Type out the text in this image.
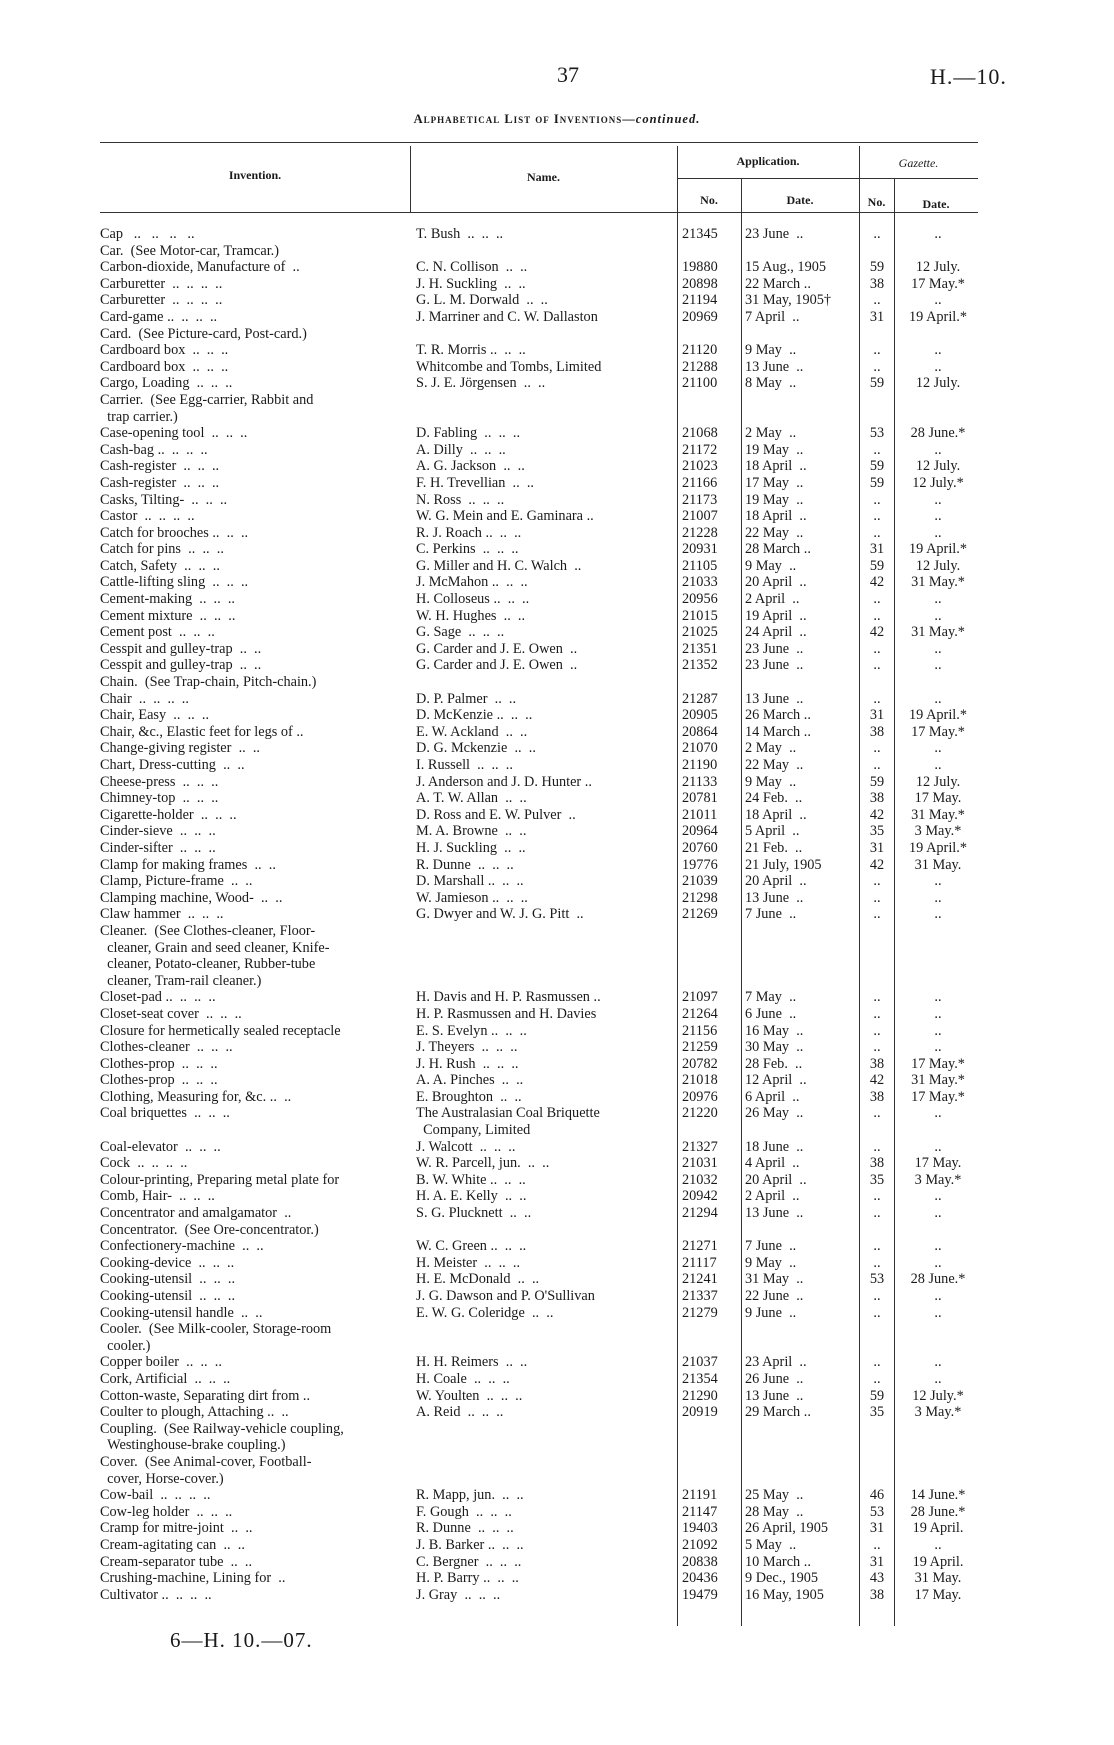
37	H.—10.
Alphabetical List of Inventions—continued.
Invention.	Name.
Application.	Gazette.
No.	Date.	No.	Date.
Cap   ..   ..   ..   ..	T. Bush  ..  ..  ..	21345	23 June  ..	..	..
Car.  (See Motor-car, Tramcar.)
Carbon-dioxide, Manufacture of  ..	C. N. Collison  ..  ..	19880	15 Aug., 1905	59	12 July.
Carburetter  ..  ..  ..  ..	J. H. Suckling  ..  ..	20898	22 March ..	38	17 May.*
Carburetter  ..  ..  ..  ..	G. L. M. Dorwald  ..  ..	21194	31 May, 1905†	..	..
Card-game ..  ..  ..  ..	J. Marriner and C. W. Dallaston	20969	7 April  ..	31	19 April.*
Card.  (See Picture-card, Post-card.)
Cardboard box  ..  ..  ..	T. R. Morris ..  ..  ..	21120	9 May  ..	..	..
Cardboard box  ..  ..  ..	Whitcombe and Tombs, Limited	21288	13 June  ..	..	..
Cargo, Loading  ..  ..  ..	S. J. E. Jörgensen  ..  ..	21100	8 May  ..	59	12 July.
Carrier.  (See Egg-carrier, Rabbit and
trap carrier.)
Case-opening tool  ..  ..  ..	D. Fabling  ..  ..  ..	21068	2 May  ..	53	28 June.*
Cash-bag ..  ..  ..  ..	A. Dilly  ..  ..  ..	21172	19 May  ..	..	..
Cash-register  ..  ..  ..	A. G. Jackson  ..  ..	21023	18 April  ..	59	12 July.
Cash-register  ..  ..  ..	F. H. Trevellian  ..  ..	21166	17 May  ..	59	12 July.*
Casks, Tilting-  ..  ..  ..	N. Ross  ..  ..  ..	21173	19 May  ..	..	..
Castor  ..  ..  ..  ..	W. G. Mein and E. Gaminara ..	21007	18 April  ..	..	..
Catch for brooches ..  ..  ..	R. J. Roach ..  ..  ..	21228	22 May  ..	..	..
Catch for pins  ..  ..  ..	C. Perkins  ..  ..  ..	20931	28 March ..	31	19 April.*
Catch, Safety  ..  ..  ..	G. Miller and H. C. Walch  ..	21105	9 May  ..	59	12 July.
Cattle-lifting sling  ..  ..  ..	J. McMahon ..  ..  ..	21033	20 April  ..	42	31 May.*
Cement-making  ..  ..  ..	H. Colloseus ..  ..  ..	20956	2 April  ..	..	..
Cement mixture  ..  ..  ..	W. H. Hughes  ..  ..	21015	19 April  ..	..	..
Cement post  ..  ..  ..	G. Sage  ..  ..  ..	21025	24 April  ..	42	31 May.*
Cesspit and gulley-trap  ..  ..	G. Carder and J. E. Owen  ..	21351	23 June  ..	..	..
Cesspit and gulley-trap  ..  ..	G. Carder and J. E. Owen  ..	21352	23 June  ..	..	..
Chain.  (See Trap-chain, Pitch-chain.)
Chair  ..  ..  ..  ..	D. P. Palmer  ..  ..	21287	13 June  ..	..	..
Chair, Easy  ..  ..  ..	D. McKenzie ..  ..  ..	20905	26 March ..	31	19 April.*
Chair, &c., Elastic feet for legs of ..	E. W. Ackland  ..  ..	20864	14 March ..	38	17 May.*
Change-giving register  ..  ..	D. G. Mckenzie  ..  ..	21070	2 May  ..	..	..
Chart, Dress-cutting  ..  ..	I. Russell  ..  ..  ..	21190	22 May  ..	..	..
Cheese-press  ..  ..  ..	J. Anderson and J. D. Hunter ..	21133	9 May  ..	59	12 July.
Chimney-top  ..  ..  ..	A. T. W. Allan  ..  ..	20781	24 Feb.  ..	38	17 May.
Cigarette-holder  ..  ..  ..	D. Ross and E. W. Pulver  ..	21011	18 April  ..	42	31 May.*
Cinder-sieve  ..  ..  ..	M. A. Browne  ..  ..	20964	5 April  ..	35	3 May.*
Cinder-sifter  ..  ..  ..	H. J. Suckling  ..  ..	20760	21 Feb.  ..	31	19 April.*
Clamp for making frames  ..  ..	R. Dunne  ..  ..  ..	19776	21 July, 1905	42	31 May.
Clamp, Picture-frame  ..  ..	D. Marshall ..  ..  ..	21039	20 April  ..	..	..
Clamping machine, Wood-  ..  ..	W. Jamieson ..  ..  ..	21298	13 June  ..	..	..
Claw hammer  ..  ..  ..	G. Dwyer and W. J. G. Pitt  ..	21269	7 June  ..	..	..
Cleaner.  (See Clothes-cleaner, Floor-
cleaner, Grain and seed cleaner, Knife-
cleaner, Potato-cleaner, Rubber-tube
cleaner, Tram-rail cleaner.)
Closet-pad ..  ..  ..  ..	H. Davis and H. P. Rasmussen ..	21097	7 May  ..	..	..
Closet-seat cover  ..  ..  ..	H. P. Rasmussen and H. Davies	21264	6 June  ..	..	..
Closure for hermetically sealed receptacle	E. S. Evelyn ..  ..  ..	21156	16 May  ..	..	..
Clothes-cleaner  ..  ..  ..	J. Theyers  ..  ..  ..	21259	30 May  ..	..	..
Clothes-prop  ..  ..  ..	J. H. Rush  ..  ..  ..	20782	28 Feb.  ..	38	17 May.*
Clothes-prop  ..  ..  ..	A. A. Pinches  ..  ..	21018	12 April  ..	42	31 May.*
Clothing, Measuring for, &c. ..  ..	E. Broughton  ..  ..	20976	6 April  ..	38	17 May.*
Coal briquettes  ..  ..  ..	The Australasian Coal Briquette	21220	26 May  ..	..	..
Company, Limited
Coal-elevator  ..  ..  ..	J. Walcott  ..  ..  ..	21327	18 June  ..	..	..
Cock  ..  ..  ..  ..	W. R. Parcell, jun.  ..  ..	21031	4 April  ..	38	17 May.
Colour-printing, Preparing metal plate for	B. W. White ..  ..  ..	21032	20 April  ..	35	3 May.*
Comb, Hair-  ..  ..  ..	H. A. E. Kelly  ..  ..	20942	2 April  ..	..	..
Concentrator and amalgamator  ..	S. G. Plucknett  ..  ..	21294	13 June  ..	..	..
Concentrator.  (See Ore-concentrator.)
Confectionery-machine  ..  ..	W. C. Green ..  ..  ..	21271	7 June  ..	..	..
Cooking-device  ..  ..  ..	H. Meister  ..  ..  ..	21117	9 May  ..	..	..
Cooking-utensil  ..  ..  ..	H. E. McDonald  ..  ..	21241	31 May  ..	53	28 June.*
Cooking-utensil  ..  ..  ..	J. G. Dawson and P. O'Sullivan	21337	22 June  ..	..	..
Cooking-utensil handle  ..  ..	E. W. G. Coleridge  ..  ..	21279	9 June  ..	..	..
Cooler.  (See Milk-cooler, Storage-room
cooler.)
Copper boiler  ..  ..  ..	H. H. Reimers  ..  ..	21037	23 April  ..	..	..
Cork, Artificial  ..  ..  ..	H. Coale  ..  ..  ..	21354	26 June  ..	..	..
Cotton-waste, Separating dirt from ..	W. Youlten  ..  ..  ..	21290	13 June  ..	59	12 July.*
Coulter to plough, Attaching ..  ..	A. Reid  ..  ..  ..	20919	29 March ..	35	3 May.*
Coupling.  (See Railway-vehicle coupling,
Westinghouse-brake coupling.)
Cover.  (See Animal-cover, Football-
cover, Horse-cover.)
Cow-bail  ..  ..  ..  ..	R. Mapp, jun.  ..  ..	21191	25 May  ..	46	14 June.*
Cow-leg holder  ..  ..  ..	F. Gough  ..  ..  ..	21147	28 May  ..	53	28 June.*
Cramp for mitre-joint  ..  ..	R. Dunne  ..  ..  ..	19403	26 April, 1905	31	19 April.
Cream-agitating can  ..  ..	J. B. Barker ..  ..  ..	21092	5 May  ..	..	..
Cream-separator tube  ..  ..	C. Bergner  ..  ..  ..	20838	10 March ..	31	19 April.
Crushing-machine, Lining for  ..	H. P. Barry ..  ..  ..	20436	9 Dec., 1905	43	31 May.
Cultivator ..  ..  ..  ..	J. Gray  ..  ..  ..	19479	16 May, 1905	38	17 May.
6—H. 10.—07.
